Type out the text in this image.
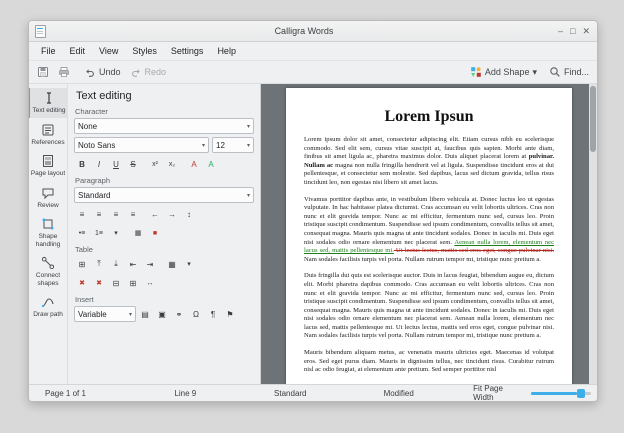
Calligra Words	– □ ✕
File	Edit	View	Styles	Settings	Help
Undo	Redo	Add Shape ▾	Find...
Text editing
References
Page layout
Review
Shape handling
Connect shapes
Draw path
Text editing
Character
None	▾
Noto Sans	▾ 12	▾
B I U S x² x₂ A A
Paragraph
Standard	▾
≡ ≡ ≡ ≡ ← → ↕
•≡ 1≡ ▾ ▦ ■
Table
⊞ ⤒ ⤓ ⇤ ⇥ ▦ ▾
✖ ✖ ⊟ ⊞ ↔
Insert
Variable	▾ ▤ ▣ ⚭ Ω ¶ ⚑
Lorem Ipsun

Lorem ipsum dolor sit amet, consectetur adipiscing elit. Etiam cursus nibh eu scelerisque commodo. Sed elit sem, cursus vitae suscipit at, faucibus quis sapien. Morbi ante diam, finibus sit amet ligula ac, pharetra maximus dolor. Duis aliquet placerat lorem at pulvinar. Nullam ac magna non nulla fringilla hendrerit vel at ligula. Suspendisse tincidunt eros at dui pellentesque, et consectetur sem molestie. Sed dapibus, lacus sed dictum gravida, tellus risus tincidunt leo, non egestas nisi libero sit amet lacus.

Vivamus porttitor dapibus ante, in vestibulum libero vehicula at. Donec luctus leo ut egestas vulputate. In hac habitasse platea dictumst. Cras accumsan eu velit lobortis ultrices. Cras non nunc et elit gravida tempor. Nunc ac mi efficitur, fermentum nunc sed, cursus leo. Proin tristique suscipit condimentum. Suspendisse sed ipsum condimentum, convallis tellus sit amet, consequat magna. Mauris quis magna ut ante tincidunt sodales. Donec in iaculis mi. Duis eget nisi sodales odio ornare elementum nec placerat sem. Aenean nulla lorem, elementum nec lacus sed, mattis pellentesque mi. Ut lectus lectus, mattis sed eros eget, congue pulvinar nisi. Nam sodales facilisis turpis vel porta. Nullam rutrum tempor mi, tristique nunc pretium a.

Duis fringilla dui quis est scelerisque auctor. Duis in lacus feugiat, bibendum augue eu, dictum elit. Morbi pharetra dapibus commodo. Cras accumsan eu velit lobortis ultrices. Cras non nunc et elit gravida tempor. Nunc ac mi efficitur, fermentum nunc sed, cursus leo. Proin tristique suscipit condimentum. Suspendisse sed ipsum condimentum, convallis tellus sit amet, consequat magna. Mauris quis magna ut ante tincidunt sodales. Donec in iaculis mi. Duis eget nisi sodales odio ornare elementum nec placerat sem. Aenean nulla lorem, elementum nec lacus sed, mattis pellentesque mi. Ut lectus lectus, mattis sed eros eget, congue pulvinar nisi. Nam sodales facilisis turpis vel porta. Nullam rutrum tempor mi, tristique nunc pretium a.

Mauris bibendum aliquam metus, ac venenatis mauris ultricies eget. Maecenas id volutpat eros. Sed eget purus diam. Mauris in dignissim tellus, nec tincidunt risus. Curabitur rutrum nisl ac odio feugiat, at elementum ante pretium. Sed semper porttitor nisl

Page 1 of 1	Line 9	Standard	Modified	Fit Page Width
